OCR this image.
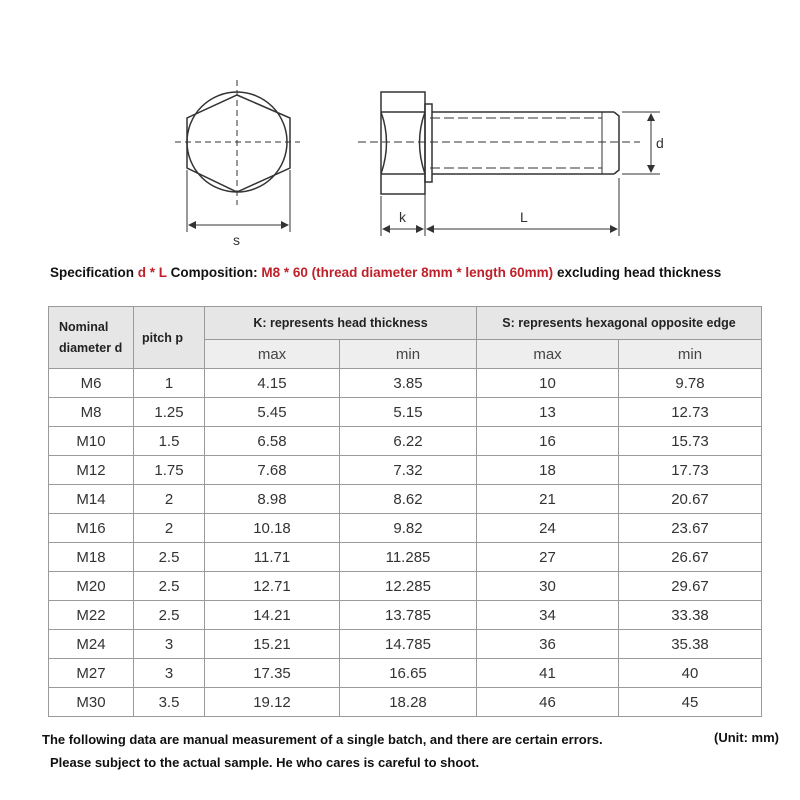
s
k	L
d
Specification d * L Composition: M8 * 60 (thread diameter 8mm * length 60mm) excluding head thickness
Nominal diameter d	pitch p	K: represents head thickness		S: represents hexagonal opposite edge	
		max	min	max	min
M6	1	4.15	3.85	10	9.78
M8	1.25	5.45	5.15	13	12.73
M10	1.5	6.58	6.22	16	15.73
M12	1.75	7.68	7.32	18	17.73
M14	2	8.98	8.62	21	20.67
M16	2	10.18	9.82	24	23.67
M18	2.5	11.71	11.285	27	26.67
M20	2.5	12.71	12.285	30	29.67
M22	2.5	14.21	13.785	34	33.38
M24	3	15.21	14.785	36	35.38
M27	3	17.35	16.65	41	40
M30	3.5	19.12	18.28	46	45
The following data are manual measurement of a single batch, and there are certain errors.	(Unit: mm)
Please subject to the actual sample. He who cares is careful to shoot.
